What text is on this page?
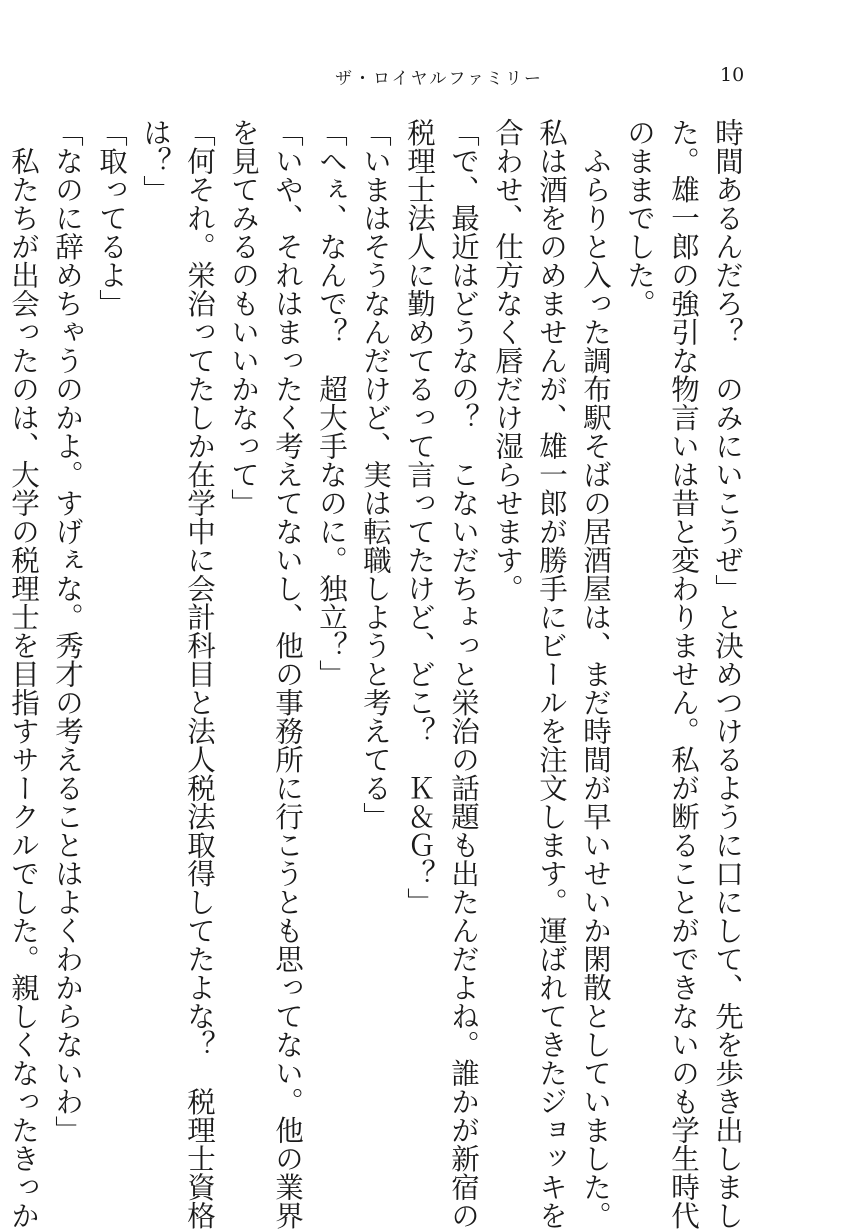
ザ・ロイヤルファミリー	10

時間あるんだろ？　のみにいこうぜ」と決めつけるように口にして、先を歩き出しまし

た。雄一郎の強引な物言いは昔と変わりません。私が断ることができないのも学生時代

のままでした。

　ふらりと入った調布駅そばの居酒屋は、まだ時間が早いせいか閑散としていました。

私は酒をのめませんが、雄一郎が勝手にビールを注文します。運ばれてきたジョッキを

合わせ、仕方なく唇だけ湿らせます。

「で、最近はどうなの？　こないだちょっと栄治の話題も出たんだよね。誰かが新宿の

税理士法人に勤めてるって言ってたけど、どこ？　Ｋ＆Ｇ？」

「いまはそうなんだけど、実は転職しようと考えてる」

「へぇ、なんで？　超大手なのに。独立？」

「いや、それはまったく考えてないし、他の事務所に行こうとも思ってない。他の業界

を見てみるのもいいかなって」

「何それ。栄治ってたしか在学中に会計科目と法人税法取得してたよな？　税理士資格

は？」

「取ってるよ」

「なのに辞めちゃうのかよ。すげぇな。秀才の考えることはよくわからないわ」

　私たちが出会ったのは、大学の税理士を目指すサークルでした。親しくなったきっか
